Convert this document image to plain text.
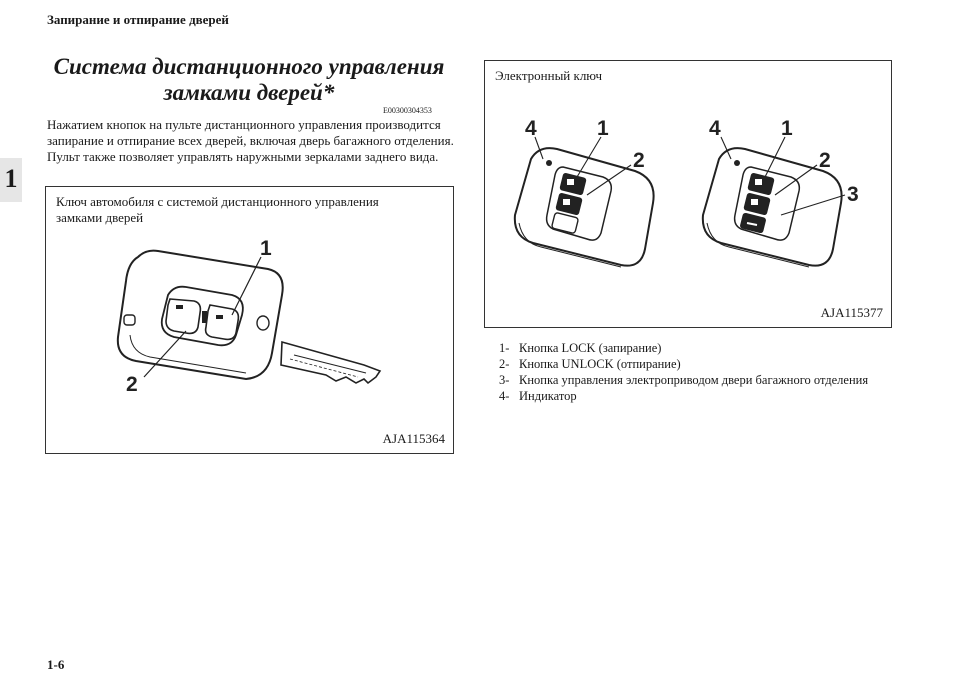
Запирание и отпирание дверей
1
Система дистанционного управления замками дверей*
E00300304353
Нажатием кнопок на пульте дистанционного управления производится запирание и отпирание всех дверей, включая дверь багажного отделения. Пульт также позволяет управлять наружными зеркалами заднего вида.
Ключ автомобиля с системой дистанционного управления замками дверей
1
2
AJA115364
Электронный ключ
4	1
2
4	1
2
3
AJA115377
1- Кнопка LOCK (запирание)
2- Кнопка UNLOCK (отпирание)
3- Кнопка управления электроприводом двери багажного отделения
4- Индикатор
1-6
